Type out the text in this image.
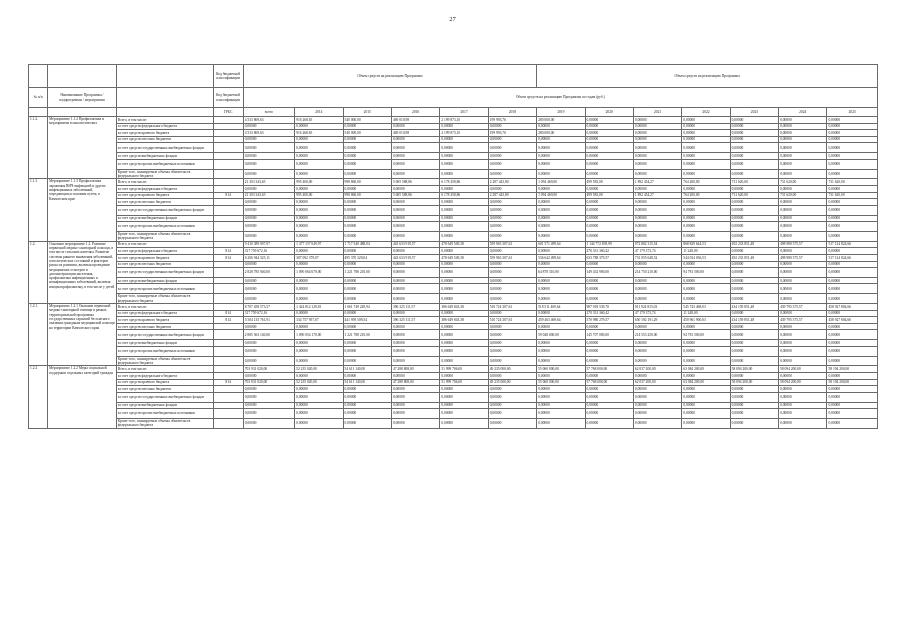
27
			Код бюджетной классификации	Объем средств на реализацию Программы						Объем средств на реализацию Программы						
№ п/п	Наименование Программы / подпрограммы / мероприятия		Код бюджетной классификации	Объем средств на реализацию Программы по годам (руб.)												
			ГРБС	всего	2014	2015	2016	2017	2018	2019	2020	2021	2022	2023	2024	2025
1.1.2.	Мероприятие 1.1.2 Профилактика и мероприятия в онкологических	Всего, в том числе:		4 533 869,63	916 268,65	540 000,00	469 010,98	2 199 873,10	199 993,76	280 000,00	0,00000	0,00000	0,00000	0,00000	0,00000	0,00000
		за счет средств федерального бюджета		0,00000	0,00000	0,00000	0,00000	0,00000	0,00000	0,00000	0,00000	0,00000	0,00000	0,00000	0,00000	0,00000
		за счет средств краевого бюджета		4 533 869,63	916 268,65	540 000,00	469 010,98	2 199 873,10	199 993,76	280 000,00	0,00000	0,00000	0,00000	0,00000	0,00000	0,00000
		за счет средств местных бюджетов		0,00000	0,00000	0,00000	0,00000	0,00000	0,00000	0,00000	0,00000	0,00000	0,00000	0,00000	0,00000	0,00000
		за счет средств государственных внебюджетных фондов		0,00000	0,00000	0,00000	0,00000	0,00000	0,00000	0,00000	0,00000	0,00000	0,00000	0,00000	0,00000	0,00000
		за счет средств внебюджетных фондов		0,00000	0,00000	0,00000	0,00000	0,00000	0,00000	0,00000	0,00000	0,00000	0,00000	0,00000	0,00000	0,00000
		за счет средств прочих внебюджетных источников		0,00000	0,00000	0,00000	0,00000	0,00000	0,00000	0,00000	0,00000	0,00000	0,00000	0,00000	0,00000	0,00000
		Кроме того, планируемые объемы обязательств федерального бюджета		0,00000	0,00000	0,00000	0,00000	0,00000	0,00000	0,00000	0,00000	0,00000	0,00000	0,00000	0,00000	0,00000
1.1.3	Мероприятие 1.1.3 Профилактика заражения ВИЧ-инфекцией и других инфекционных заболеваний, передающихся половым путем, в Камчатском крае	Всего, в том числе:		21 303 343,65	995 400,00	998 860,00	5 685 588,86	6 178 458,86	2 287 443,80	1 094 469,00	499 583,00	1 892 454,27	764 200,00	731 620,00	731 620,00	731 620,00
		за счет средств федерального бюджета		0,00000	0,00000	0,00000	0,00000	0,00000	0,00000	0,00000	0,00000	0,00000	0,00000	0,00000	0,00000	0,00000
		за счет средств краевого бюджета	814	21 303 343,65	995 400,00	998 860,00	5 685 588,86	6 178 458,86	2 287 443,80	1 094 469,00	499 583,00	1 892 454,27	764 200,00	731 620,00	731 620,00	731 620,00
		за счет средств местных бюджетов		0,00000	0,00000	0,00000	0,00000	0,00000	0,00000	0,00000	0,00000	0,00000	0,00000	0,00000	0,00000	0,00000
		за счет средств государственных внебюджетных фондов		0,00000	0,00000	0,00000	0,00000	0,00000	0,00000	0,00000	0,00000	0,00000	0,00000	0,00000	0,00000	0,00000
		за счет средств внебюджетных фондов		0,00000	0,00000	0,00000	0,00000	0,00000	0,00000	0,00000	0,00000	0,00000	0,00000	0,00000	0,00000	0,00000
		за счет средств прочих внебюджетных источников		0,00000	0,00000	0,00000	0,00000	0,00000	0,00000	0,00000	0,00000	0,00000	0,00000	0,00000	0,00000	0,00000
		Кроме того, планируемые объемы обязательств федерального бюджета		0,00000	0,00000	0,00000	0,00000	0,00000	0,00000	0,00000	0,00000	0,00000	0,00000	0,00000	0,00000	0,00000
1.2.	Основное мероприятие 1.2. Развитие первичной медико-санитарной помощи, в том числе сельским жителям. Развитие системы раннего выявления заболеваний, патологических состояний и факторов риска их развития, включая проведение медицинских осмотров и диспансеризации населения, профилактика инфекционных и неинфекционных заболеваний, включая иммунопрофилактику, в том числе у детей	Всего, в том числе:		9 410 389 907,97	1 477 157 049,97	1 717 340 488,04	443 633 919,57	478 649 549,38	559 963 307,61	601 571 499,64	1 144 772 839,99	972 882 315,54	868 829 644,53	492 233 851,48	498 980 575,57	517 124 824,66
		за счет средств федерального бюджета	814	317 759 672,16	0,00000	0,00000	0,00000	0,00000	0,00000	0,00000	270 331 360,42	47 179 373,74	11 248,00	0,00000	0,00000	0,00000
		за счет средств краевого бюджета	814	6 206 944 325,11	387 092 379,07	495 370 329,04	443 633 919,57	478 649 549,38	559 963 307,61	536 642 499,64	633 788 379,57	731 055 648,52	544 034 036,53	492 233 851,48	498 980 575,57	517 124 824,66
		за счет средств местных бюджетов		0,00000	0,00000	0,00000	0,00000	0,00000	0,00000	0,00000	0,00000	0,00000	0,00000	0,00000	0,00000	0,00000
		за счет средств государственных внебюджетных фондов		2 828 785 940,00	1 090 064 670,00	1 221 788 210,00	0,00000	0,00000	0,00000	64 878 310,00	149 452 900,00	214 750 210,00	94 781 500,00	0,00000	0,00000	0,00000
		за счет средств внебюджетных фондов		0,00000	0,00000	0,00000	0,00000	0,00000	0,00000	0,00000	0,00000	0,00000	0,00000	0,00000	0,00000	0,00000
		за счет средств прочих внебюджетных источников		0,00000	0,00000	0,00000	0,00000	0,00000	0,00000	0,00000	0,00000	0,00000	0,00000	0,00000	0,00000	0,00000
		Кроме того, планируемые объемы обязательств федерального бюджета		0,00000	0,00000	0,00000	0,00000	0,00000	0,00000	0,00000	0,00000	0,00000	0,00000	0,00000	0,00000	0,00000
1.2.1.	Мероприятие 1.2.1 Оказание первичной медико-санитарной помощи в рамках территориальной программы государственных гарантий бесплатного оказания гражданам медицинской помощи на территории Камчатского края	Всего, в том числе:		8 707 458 573,57	1 424 812 129,81	1 661 749 249,94	396 325 111,57	386 649 843,38	510 724 307,61	518 511 469,64	987 018 539,70	911 924 815,03	545 743 468,03	434 159 851,48	439 795 375,57	458 927 804,66
		за счет средств федерального бюджета	814	317 759 672,16	0,00000	0,00000	0,00000	0,00000	0,00000	0,00000	270 331 360,42	47 179 373,74	11 248,00	0,00000	0,00000	0,00000
		за счет средств краевого бюджета	814	5 504 135 761,91	334 757 957,07	441 959 509,54	396 325 111,57	386 649 843,38	510 724 307,61	459 463 469,64	570 980 279,57	650 192 191,29	450 961 900,03	434 159 851,48	439 795 375,57	458 927 804,66
		за счет средств местных бюджетов		0,00000	0,00000	0,00000	0,00000	0,00000	0,00000	0,00000	0,00000	0,00000	0,00000	0,00000	0,00000	0,00000
		за счет средств государственных внебюджетных фондов		2 885 563 140,00	1 090 054 170,00	1 221 788 210,00	0,00000	0,00000	0,00000	59 048 000,00	145 707 000,00	214 553 250,00	94 781 500,00	0,00000	0,00000	0,00000
		за счет средств внебюджетных фондов		0,00000	0,00000	0,00000	0,00000	0,00000	0,00000	0,00000	0,00000	0,00000	0,00000	0,00000	0,00000	0,00000
		за счет средств прочих внебюджетных источников		0,00000	0,00000	0,00000	0,00000	0,00000	0,00000	0,00000	0,00000	0,00000	0,00000	0,00000	0,00000	0,00000
		Кроме того, планируемые объемы обязательств федерального бюджета		0,00000	0,00000	0,00000	0,00000	0,00000	0,00000	0,00000	0,00000	0,00000	0,00000	0,00000	0,00000	0,00000
1.2.2	Мероприятие 1.2.2 Меры социальной поддержки отдельных категорий граждан	Всего, в том числе:		703 931 020,00	52 235 020,00	54 611 140,00	47 288 808,00	51 999 706,00	49 235 000,00	55 060 000,00	57 768 000,00	62 037 200,00	63 084 200,00	58 094 200,00	58 094 200,00	58 194 200,00
		за счет средств федерального бюджета		0,00000	0,00000	0,00000	0,00000	0,00000	0,00000	0,00000	0,00000	0,00000	0,00000	0,00000	0,00000	0,00000
		за счет средств краевого бюджета	814	703 931 020,00	52 235 020,00	54 611 140,00	47 288 808,00	51 999 706,00	49 235 000,00	55 060 000,00	57 768 000,00	62 037 200,00	63 084 200,00	58 094 200,00	58 094 200,00	58 194 200,00
		за счет средств местных бюджетов		0,00000	0,00000	0,00000	0,00000	0,00000	0,00000	0,00000	0,00000	0,00000	0,00000	0,00000	0,00000	0,00000
		за счет средств государственных внебюджетных фондов		0,00000	0,00000	0,00000	0,00000	0,00000	0,00000	0,00000	0,00000	0,00000	0,00000	0,00000	0,00000	0,00000
		за счет средств внебюджетных фондов		0,00000	0,00000	0,00000	0,00000	0,00000	0,00000	0,00000	0,00000	0,00000	0,00000	0,00000	0,00000	0,00000
		за счет средств прочих внебюджетных источников		0,00000	0,00000	0,00000	0,00000	0,00000	0,00000	0,00000	0,00000	0,00000	0,00000	0,00000	0,00000	0,00000
		Кроме того, планируемые объемы обязательств федерального бюджета		0,00000	0,00000	0,00000	0,00000	0,00000	0,00000	0,00000	0,00000	0,00000	0,00000	0,00000	0,00000	0,00000
